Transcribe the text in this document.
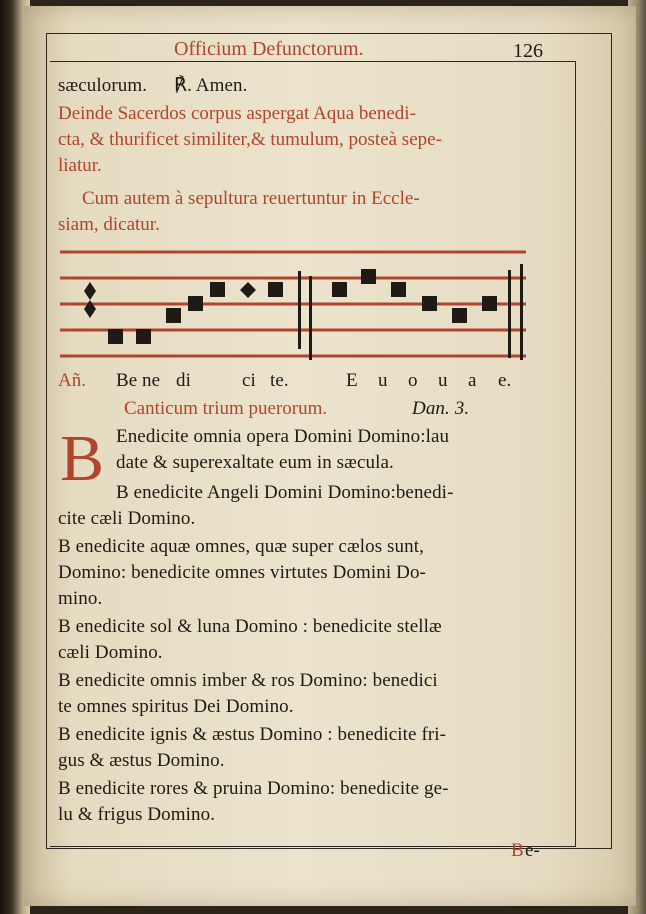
Officium Defunctorum.	126
sæculorum. ℟. Amen.
Deinde Sacerdos corpus aspergat Aqua benedi-
cta, & thurificet similiter,& tumulum, posteà sepe-
liatur.
Cum autem à sepultura reuertuntur in Eccle-
siam, dicatur.
Añ. Be ne di	ci te.	E u o u a e.
Canticum trium puerorum.	Dan. 3.
B Enedicite omnia opera Domini Domino:lau
date & superexaltate eum in sæcula.
B enedicite Angeli Domini Domino:benedi-
cite cæli Domino.
B enedicite aquæ omnes, quæ super cælos sunt,
Domino: benedicite omnes virtutes Domini Do-
mino.
B enedicite sol & luna Domino : benedicite stellæ
cæli Domino.
B enedicite omnis imber & ros Domino: benedici
te omnes spiritus Dei Domino.
B enedicite ignis & æstus Domino : benedicite fri-
gus & æstus Domino.
B enedicite rores & pruina Domino: benedicite ge-
lu & frigus Domino.
B e-
